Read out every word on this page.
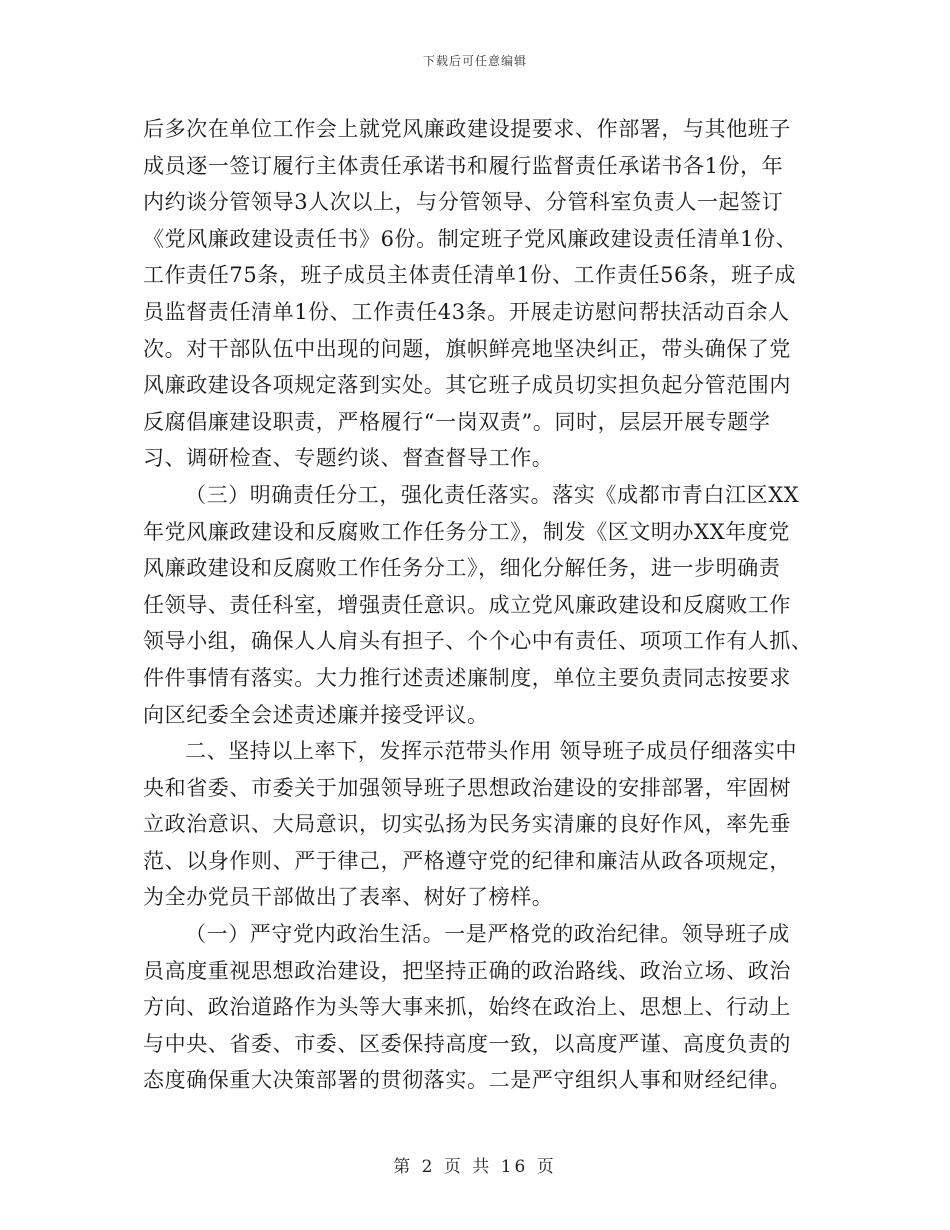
下载后可任意编辑
后多次在单位工作会上就党风廉政建设提要求、作部署，与其他班子
成员逐一签订履行主体责任承诺书和履行监督责任承诺书各1份，年
内约谈分管领导3人次以上，与分管领导、分管科室负责人一起签订
《党风廉政建设责任书》6份。制定班子党风廉政建设责任清单1份、
工作责任75条，班子成员主体责任清单1份、工作责任56条，班子成
员监督责任清单1份、工作责任43条。开展走访慰问帮扶活动百余人
次。对干部队伍中出现的问题，旗帜鲜亮地坚决纠正，带头确保了党
风廉政建设各项规定落到实处。其它班子成员切实担负起分管范围内
反腐倡廉建设职责，严格履行“一岗双责”。同时，层层开展专题学
习、调研检查、专题约谈、督查督导工作。
（三）明确责任分工，强化责任落实。落实《成都市青白江区XX
年党风廉政建设和反腐败工作任务分工》，制发《区文明办XX年度党
风廉政建设和反腐败工作任务分工》，细化分解任务，进一步明确责
任领导、责任科室，增强责任意识。成立党风廉政建设和反腐败工作
领导小组，确保人人肩头有担子、个个心中有责任、项项工作有人抓、
件件事情有落实。大力推行述责述廉制度，单位主要负责同志按要求
向区纪委全会述责述廉并接受评议。
二、坚持以上率下，发挥示范带头作用 领导班子成员仔细落实中
央和省委、市委关于加强领导班子思想政治建设的安排部署，牢固树
立政治意识、大局意识，切实弘扬为民务实清廉的良好作风，率先垂
范、以身作则、严于律己，严格遵守党的纪律和廉洁从政各项规定，
为全办党员干部做出了表率、树好了榜样。
（一）严守党内政治生活。一是严格党的政治纪律。领导班子成
员高度重视思想政治建设，把坚持正确的政治路线、政治立场、政治
方向、政治道路作为头等大事来抓，始终在政治上、思想上、行动上
与中央、省委、市委、区委保持高度一致，以高度严谨、高度负责的
态度确保重大决策部署的贯彻落实。二是严守组织人事和财经纪律。
第 2 页 共 16 页
